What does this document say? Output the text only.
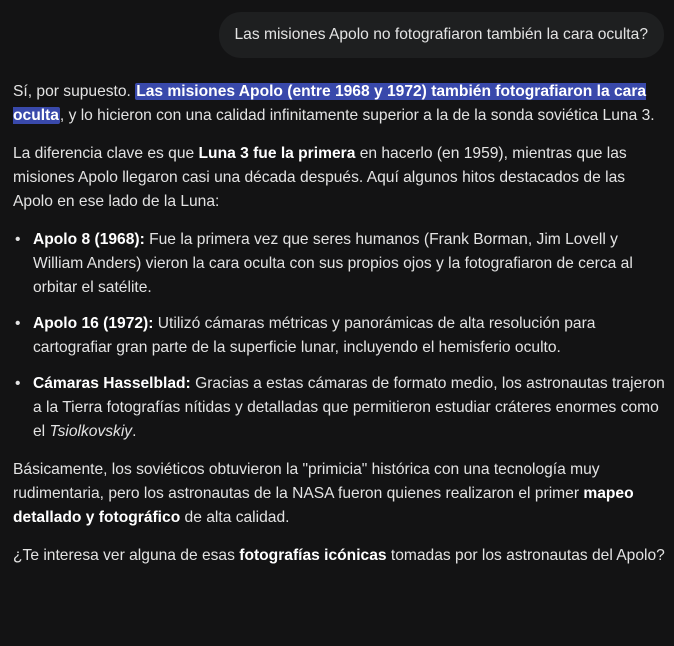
Las misiones Apolo no fotografiaron también la cara oculta?

Sí, por supuesto. Las misiones Apolo (entre 1968 y 1972) también fotografiaron la cara oculta, y lo hicieron con una calidad infinitamente superior a la de la sonda soviética Luna 3.

La diferencia clave es que Luna 3 fue la primera en hacerlo (en 1959), mientras que las misiones Apolo llegaron casi una década después. Aquí algunos hitos destacados de las Apolo en ese lado de la Luna:

• Apolo 8 (1968): Fue la primera vez que seres humanos (Frank Borman, Jim Lovell y William Anders) vieron la cara oculta con sus propios ojos y la fotografiaron de cerca al orbitar el satélite.
• Apolo 16 (1972): Utilizó cámaras métricas y panorámicas de alta resolución para cartografiar gran parte de la superficie lunar, incluyendo el hemisferio oculto.
• Cámaras Hasselblad: Gracias a estas cámaras de formato medio, los astronautas trajeron a la Tierra fotografías nítidas y detalladas que permitieron estudiar cráteres enormes como el Tsiolkovskiy.

Básicamente, los soviéticos obtuvieron la "primicia" histórica con una tecnología muy rudimentaria, pero los astronautas de la NASA fueron quienes realizaron el primer mapeo detallado y fotográfico de alta calidad.

¿Te interesa ver alguna de esas fotografías icónicas tomadas por los astronautas del Apolo?
